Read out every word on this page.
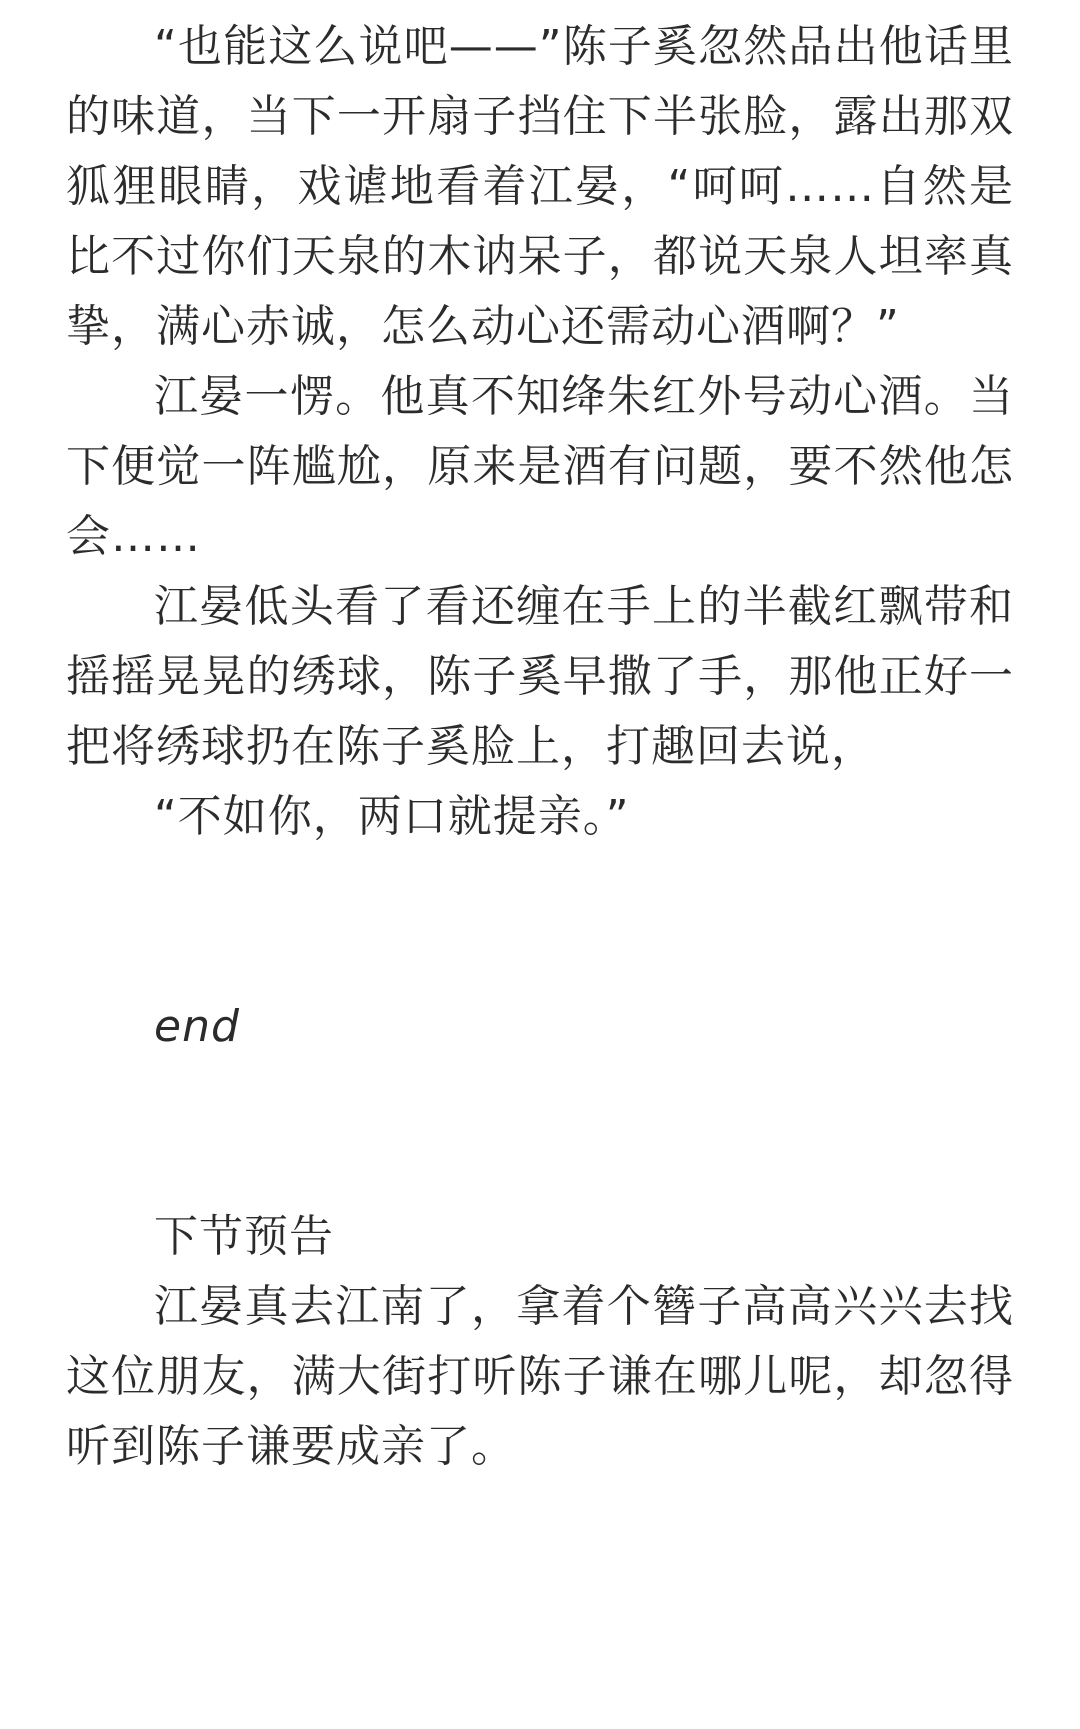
“也能这么说吧——”陈子奚忽然品出他话里的味道，当下一开扇子挡住下半张脸，露出那双狐狸眼睛，戏谑地看着江晏，“呵呵……自然是比不过你们天泉的木讷呆子，都说天泉人坦率真挚，满心赤诚，怎么动心还需动心酒啊？”

江晏一愣。他真不知绛朱红外号动心酒。当下便觉一阵尴尬，原来是酒有问题，要不然他怎会……

江晏低头看了看还缠在手上的半截红飘带和摇摇晃晃的绣球，陈子奚早撒了手，那他正好一把将绣球扔在陈子奚脸上，打趣回去说，

“不如你，两口就提亲。”

end

下节预告

江晏真去江南了，拿着个簪子高高兴兴去找这位朋友，满大街打听陈子谦在哪儿呢，却忽得听到陈子谦要成亲了。
